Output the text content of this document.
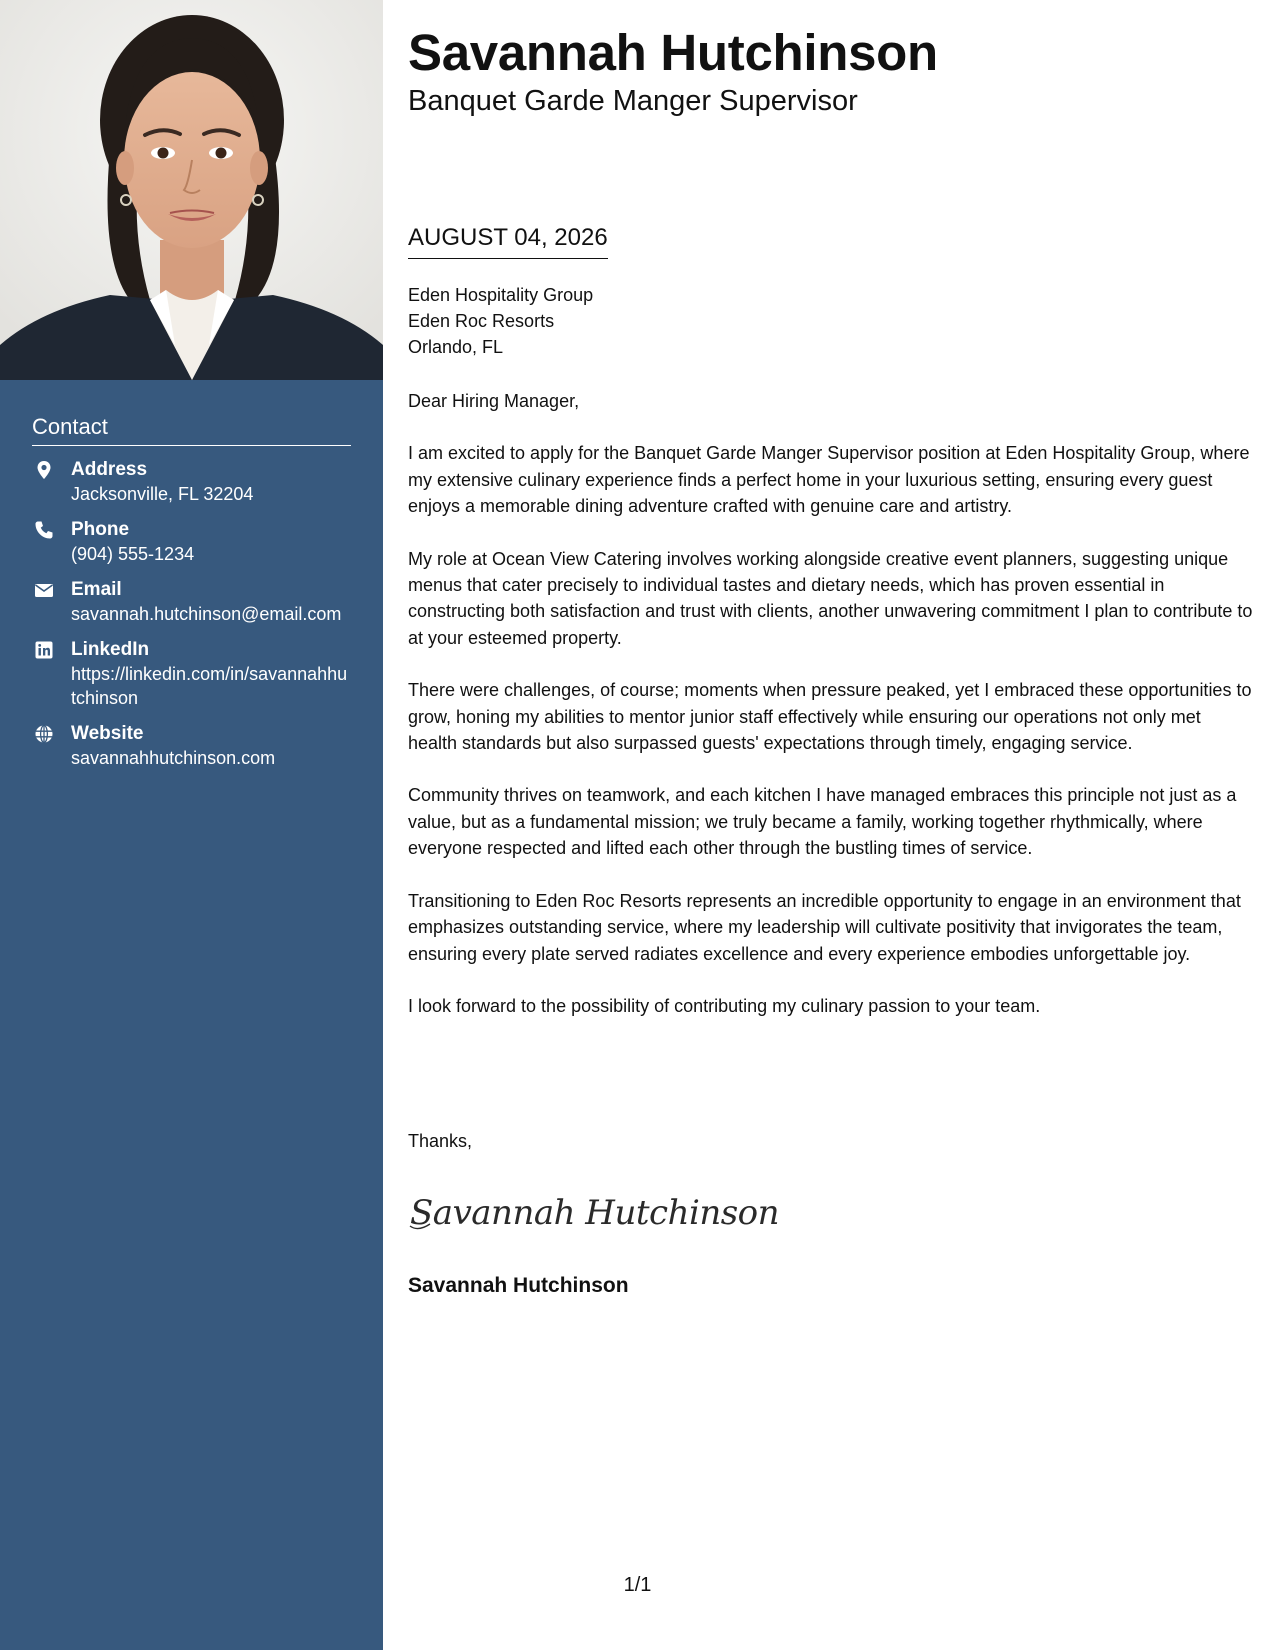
Contact
Address
Jacksonville, FL 32204
Phone
(904) 555-1234
Email
savannah.hutchinson@email.com
LinkedIn
https://linkedin.com/in/savannahhutchinson
Website
savannahhutchinson.com
Savannah Hutchinson
Banquet Garde Manger Supervisor
AUGUST 04, 2026
Eden Hospitality Group
Eden Roc Resorts
Orlando, FL

Dear Hiring Manager,

I am excited to apply for the Banquet Garde Manger Supervisor position at Eden Hospitality Group, where my extensive culinary experience finds a perfect home in your luxurious setting, ensuring every guest enjoys a memorable dining adventure crafted with genuine care and artistry.

My role at Ocean View Catering involves working alongside creative event planners, suggesting unique menus that cater precisely to individual tastes and dietary needs, which has proven essential in constructing both satisfaction and trust with clients, another unwavering commitment I plan to contribute to at your esteemed property.

There were challenges, of course; moments when pressure peaked, yet I embraced these opportunities to grow, honing my abilities to mentor junior staff effectively while ensuring our operations not only met health standards but also surpassed guests' expectations through timely, engaging service.

Community thrives on teamwork, and each kitchen I have managed embraces this principle not just as a value, but as a fundamental mission; we truly became a family, working together rhythmically, where everyone respected and lifted each other through the bustling times of service.

Transitioning to Eden Roc Resorts represents an incredible opportunity to engage in an environment that emphasizes outstanding service, where my leadership will cultivate positivity that invigorates the team, ensuring every plate served radiates excellence and every experience embodies unforgettable joy.

I look forward to the possibility of contributing my culinary passion to your team.

Thanks,
Savannah Hutchinson
Savannah Hutchinson
1/1
